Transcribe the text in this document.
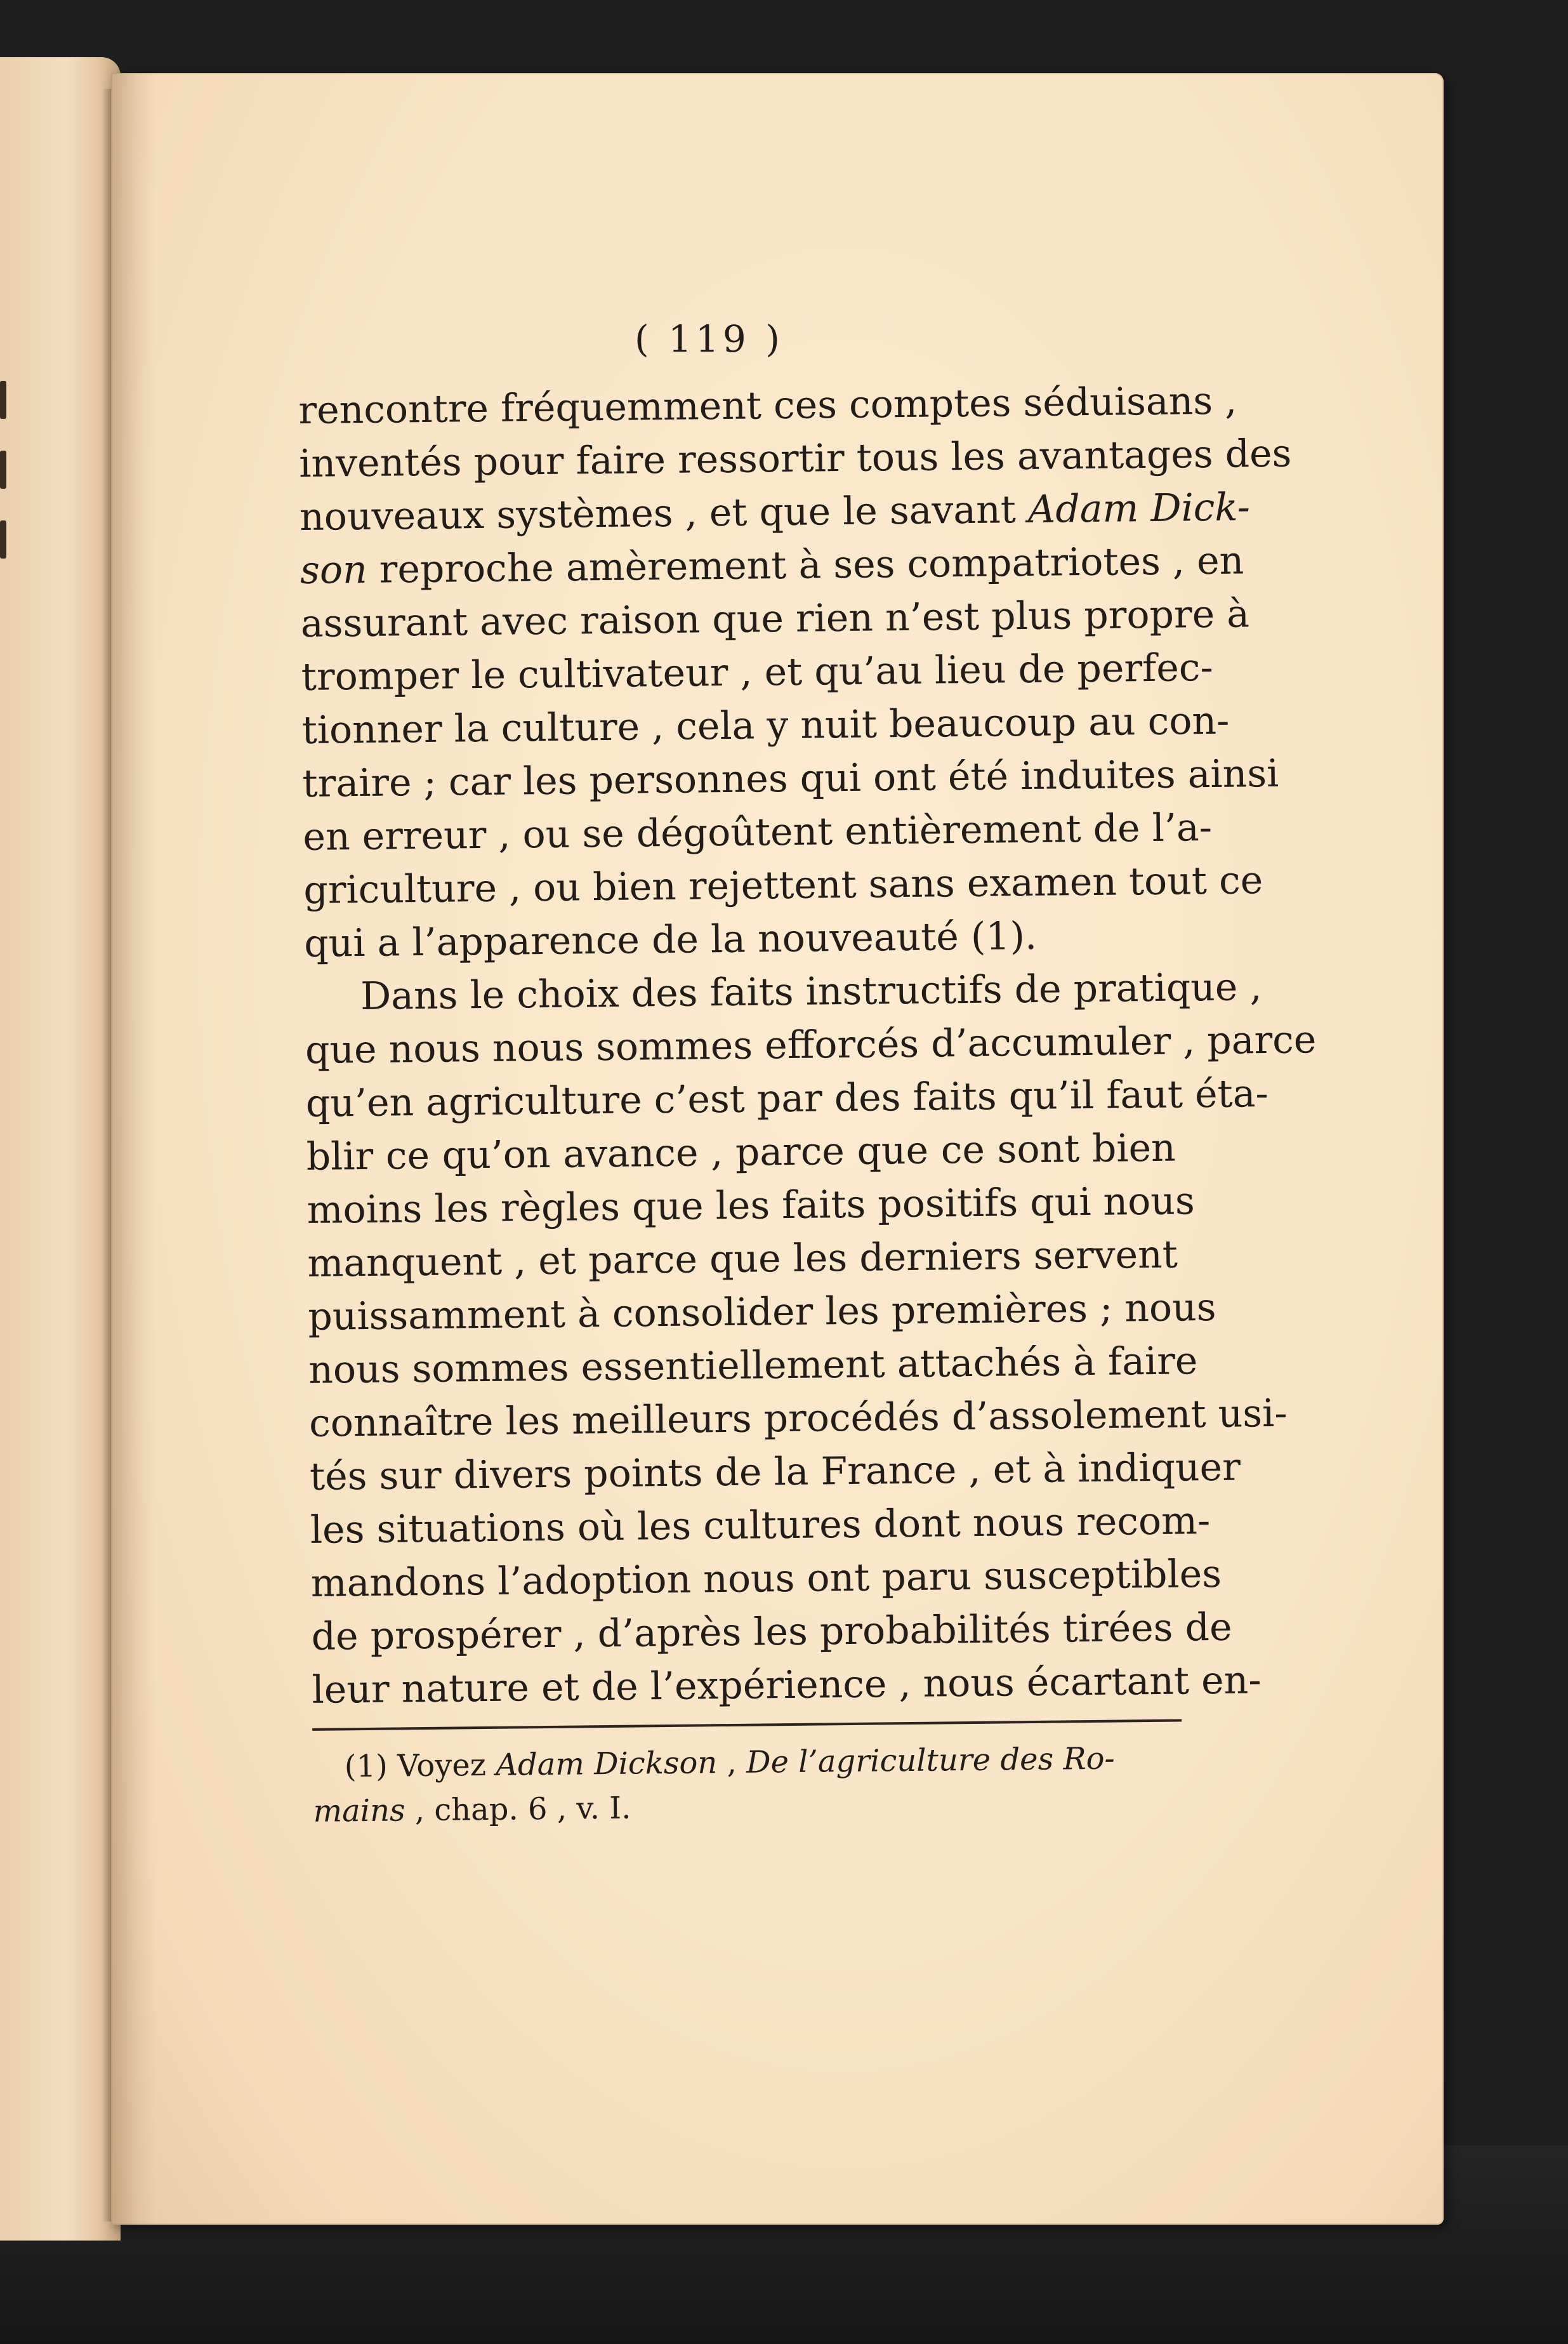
( 119 )
rencontre fréquemment ces comptes séduisans ,
inventés pour faire ressortir tous les avantages des
nouveaux systèmes , et que le savant Adam Dick-
son reproche amèrement à ses compatriotes , en
assurant avec raison que rien n’est plus propre à
tromper le cultivateur , et qu’au lieu de perfec-
tionner la culture , cela y nuit beaucoup au con-
traire ; car les personnes qui ont été induites ainsi
en erreur , ou se dégoûtent entièrement de l’a-
griculture , ou bien rejettent sans examen tout ce
qui a l’apparence de la nouveauté (1).
Dans le choix des faits instructifs de pratique ,
que nous nous sommes efforcés d’accumuler , parce
qu’en agriculture c’est par des faits qu’il faut éta-
blir ce qu’on avance , parce que ce sont bien
moins les règles que les faits positifs qui nous
manquent , et parce que les derniers servent
puissamment à consolider les premières ; nous
nous sommes essentiellement attachés à faire
connaître les meilleurs procédés d’assolement usi-
tés sur divers points de la France , et à indiquer
les situations où les cultures dont nous recom-
mandons l’adoption nous ont paru susceptibles
de prospérer , d’après les probabilités tirées de
leur nature et de l’expérience , nous écartant en-
(1) Voyez Adam Dickson , De l’agriculture des Ro-
mains , chap. 6 , v. I.
